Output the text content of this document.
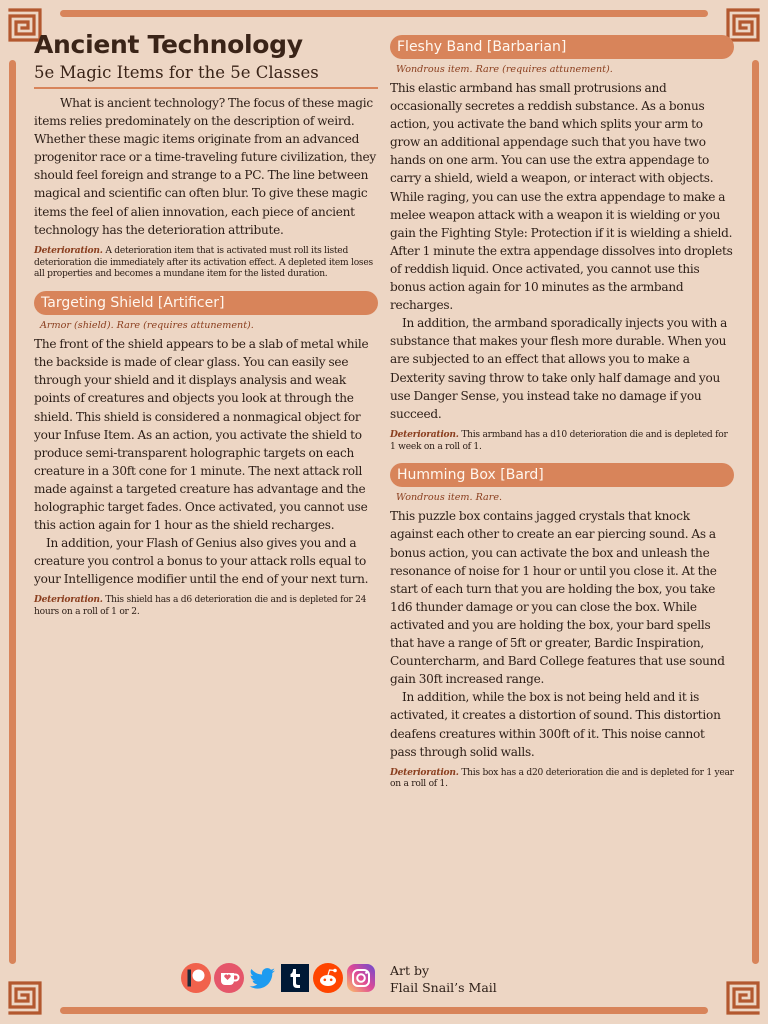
Ancient Technology
5e Magic Items for the 5e Classes

What is ancient technology? The focus of these magic items relies predominately on the description of weird. Whether these magic items originate from an advanced progenitor race or a time-traveling future civilization, they should feel foreign and strange to a PC. The line between magical and scientific can often blur. To give these magic items the feel of alien innovation, each piece of ancient technology has the deterioration attribute.

Deterioration. A deterioration item that is activated must roll its listed deterioration die immediately after its activation effect. A depleted item loses all properties and becomes a mundane item for the listed duration.

Targeting Shield [Artificer]
Armor (shield). Rare (requires attunement).

The front of the shield appears to be a slab of metal while the backside is made of clear glass. You can easily see through your shield and it displays analysis and weak points of creatures and objects you look at through the shield. This shield is considered a nonmagical object for your Infuse Item. As an action, you activate the shield to produce semi-transparent holographic targets on each creature in a 30ft cone for 1 minute. The next attack roll made against a targeted creature has advantage and the holographic target fades. Once activated, you cannot use this action again for 1 hour as the shield recharges.

In addition, your Flash of Genius also gives you and a creature you control a bonus to your attack rolls equal to your Intelligence modifier until the end of your next turn.

Deterioration. This shield has a d6 deterioration die and is depleted for 24 hours on a roll of 1 or 2.

Fleshy Band [Barbarian]
Wondrous item. Rare (requires attunement).

This elastic armband has small protrusions and occasionally secretes a reddish substance. As a bonus action, you activate the band which splits your arm to grow an additional appendage such that you have two hands on one arm. You can use the extra appendage to carry a shield, wield a weapon, or interact with objects. While raging, you can use the extra appendage to make a melee weapon attack with a weapon it is wielding or you gain the Fighting Style: Protection if it is wielding a shield. After 1 minute the extra appendage dissolves into droplets of reddish liquid. Once activated, you cannot use this bonus action again for 10 minutes as the armband recharges.

In addition, the armband sporadically injects you with a substance that makes your flesh more durable. When you are subjected to an effect that allows you to make a Dexterity saving throw to take only half damage and you use Danger Sense, you instead take no damage if you succeed.

Deterioration. This armband has a d10 deterioration die and is depleted for 1 week on a roll of 1.

Humming Box [Bard]
Wondrous item. Rare.

This puzzle box contains jagged crystals that knock against each other to create an ear piercing sound. As a bonus action, you can activate the box and unleash the resonance of noise for 1 hour or until you close it. At the start of each turn that you are holding the box, you take 1d6 thunder damage or you can close the box. While activated and you are holding the box, your bard spells that have a range of 5ft or greater, Bardic Inspiration, Countercharm, and Bard College features that use sound gain 30ft increased range.

In addition, while the box is not being held and it is activated, it creates a distortion of sound. This distortion deafens creatures within 300ft of it. This noise cannot pass through solid walls.

Deterioration. This box has a d20 deterioration die and is depleted for 1 year on a roll of 1.

Art by
Flail Snail’s Mail
